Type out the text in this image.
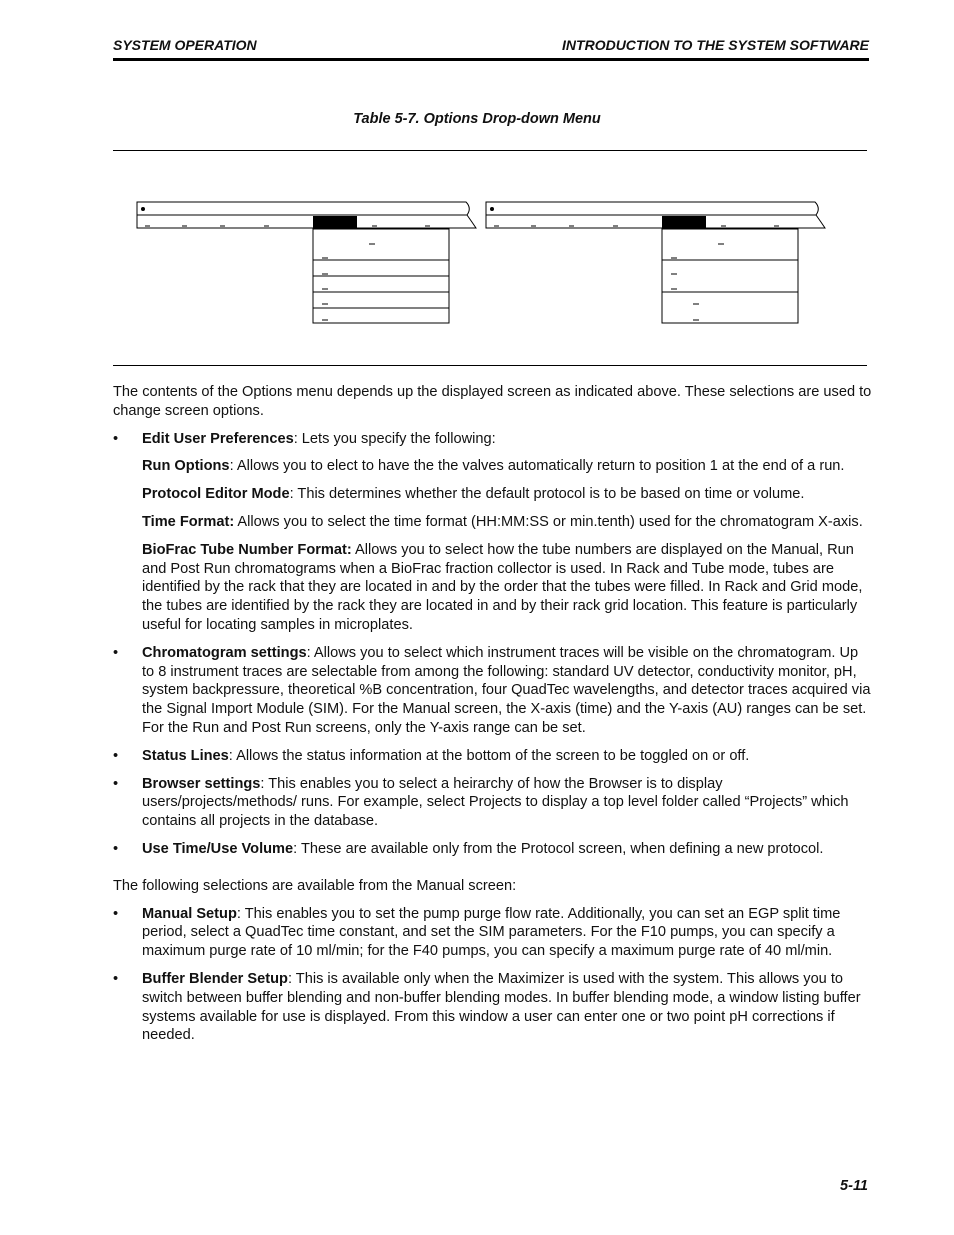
SYSTEM OPERATION	INTRODUCTION TO THE SYSTEM SOFTWARE
Table 5-7. Options Drop-down Menu

The contents of the Options menu depends up the displayed screen as indicated above. These selections are used to change screen options.

• Edit User Preferences: Lets you specify the following:
Run Options: Allows you to elect to have the the valves automatically return to position 1 at the end of a run.
Protocol Editor Mode: This determines whether the default protocol is to be based on time or volume.
Time Format: Allows you to select the time format (HH:MM:SS or min.tenth) used for the chromatogram X-axis.
BioFrac Tube Number Format: Allows you to select how the tube numbers are displayed on the Manual, Run and Post Run chromatograms when a BioFrac fraction collector is used. In Rack and Tube mode, tubes are identified by the rack that they are located in and by the order that the tubes were filled. In Rack and Grid mode, the tubes are identified by the rack they are located in and by their rack grid location. This feature is particularly useful for locating samples in microplates.
• Chromatogram settings: Allows you to select which instrument traces will be visible on the chromatogram. Up to 8 instrument traces are selectable from among the following: standard UV detector, conductivity monitor, pH, system backpressure, theoretical %B concentration, four QuadTec wavelengths, and detector traces acquired via the Signal Import Module (SIM). For the Manual screen, the X-axis (time) and the Y-axis (AU) ranges can be set. For the Run and Post Run screens, only the Y-axis range can be set.
• Status Lines: Allows the status information at the bottom of the screen to be toggled on or off.
• Browser settings: This enables you to select a heirarchy of how the Browser is to display users/projects/methods/ runs. For example, select Projects to display a top level folder called “Projects” which contains all projects in the database.
• Use Time/Use Volume: These are available only from the Protocol screen, when defining a new protocol.

The following selections are available from the Manual screen:

• Manual Setup: This enables you to set the pump purge flow rate. Additionally, you can set an EGP split time period, select a QuadTec time constant, and set the SIM parameters. For the F10 pumps, you can specify a maximum purge rate of 10 ml/min; for the F40 pumps, you can specify a maximum purge rate of 40 ml/min.
• Buffer Blender Setup: This is available only when the Maximizer is used with the system. This allows you to switch between buffer blending and non-buffer blending modes. In buffer blending mode, a window listing buffer systems available for use is displayed. From this window a user can enter one or two point pH corrections if needed.
5-11
